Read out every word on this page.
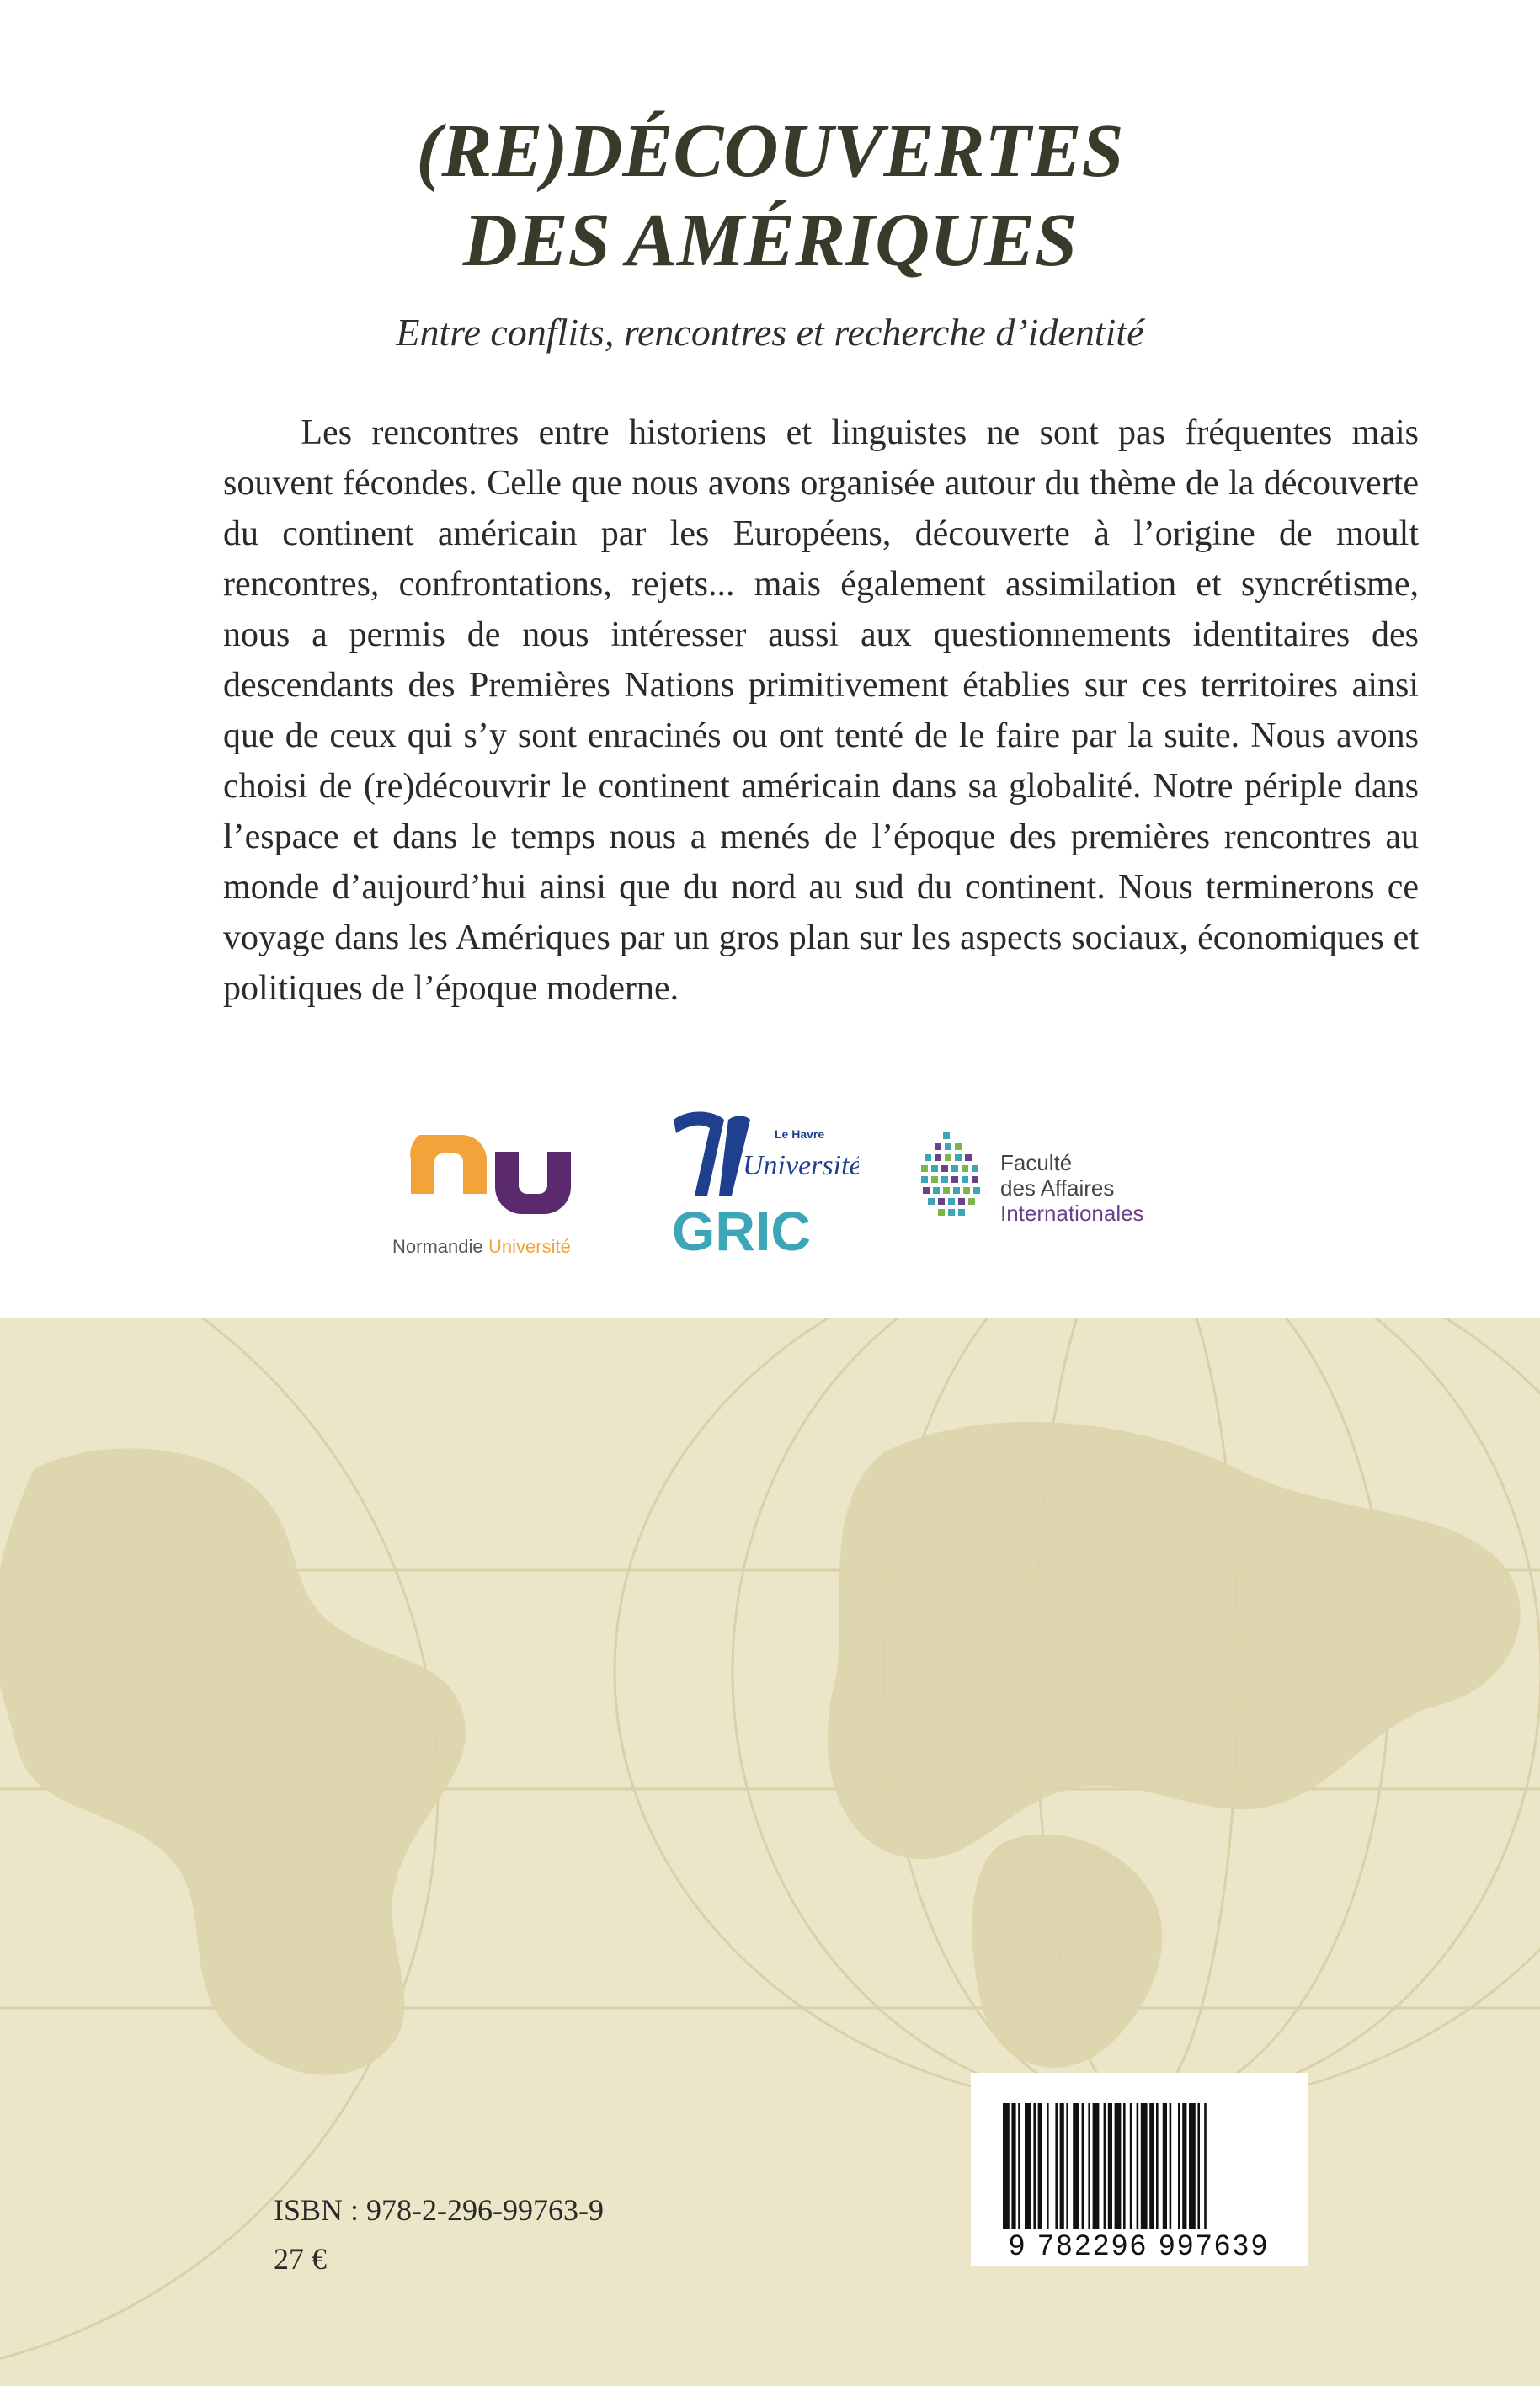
(RE)DÉCOUVERTES
DES AMÉRIQUES
Entre conflits, rencontres et recherche d’identité

Les rencontres entre historiens et linguistes ne sont pas fréquentes mais souvent fécondes. Celle que nous avons organisée autour du thème de la découverte du continent américain par les Européens, découverte à l’origine de moult rencontres, confrontations, rejets... mais également assimilation et syncrétisme, nous a permis de nous intéresser aussi aux questionnements identitaires des descendants des Premières Nations primitivement établies sur ces territoires ainsi que de ceux qui s’y sont enracinés ou ont tenté de le faire par la suite. Nous avons choisi de (re)découvrir le continent américain dans sa globalité. Notre périple dans l’espace et dans le temps nous a menés de l’époque des premières rencontres au monde d’aujourd’hui ainsi que du nord au sud du continent. Nous terminerons ce voyage dans les Amériques par un gros plan sur les aspects sociaux, économiques et politiques de l’époque moderne.

Normandie Université
Le Havre
Université
GRIC
Faculté
des Affaires
Internationales
ISBN : 978-2-296-99763-9
27 €	9 782296 997639
